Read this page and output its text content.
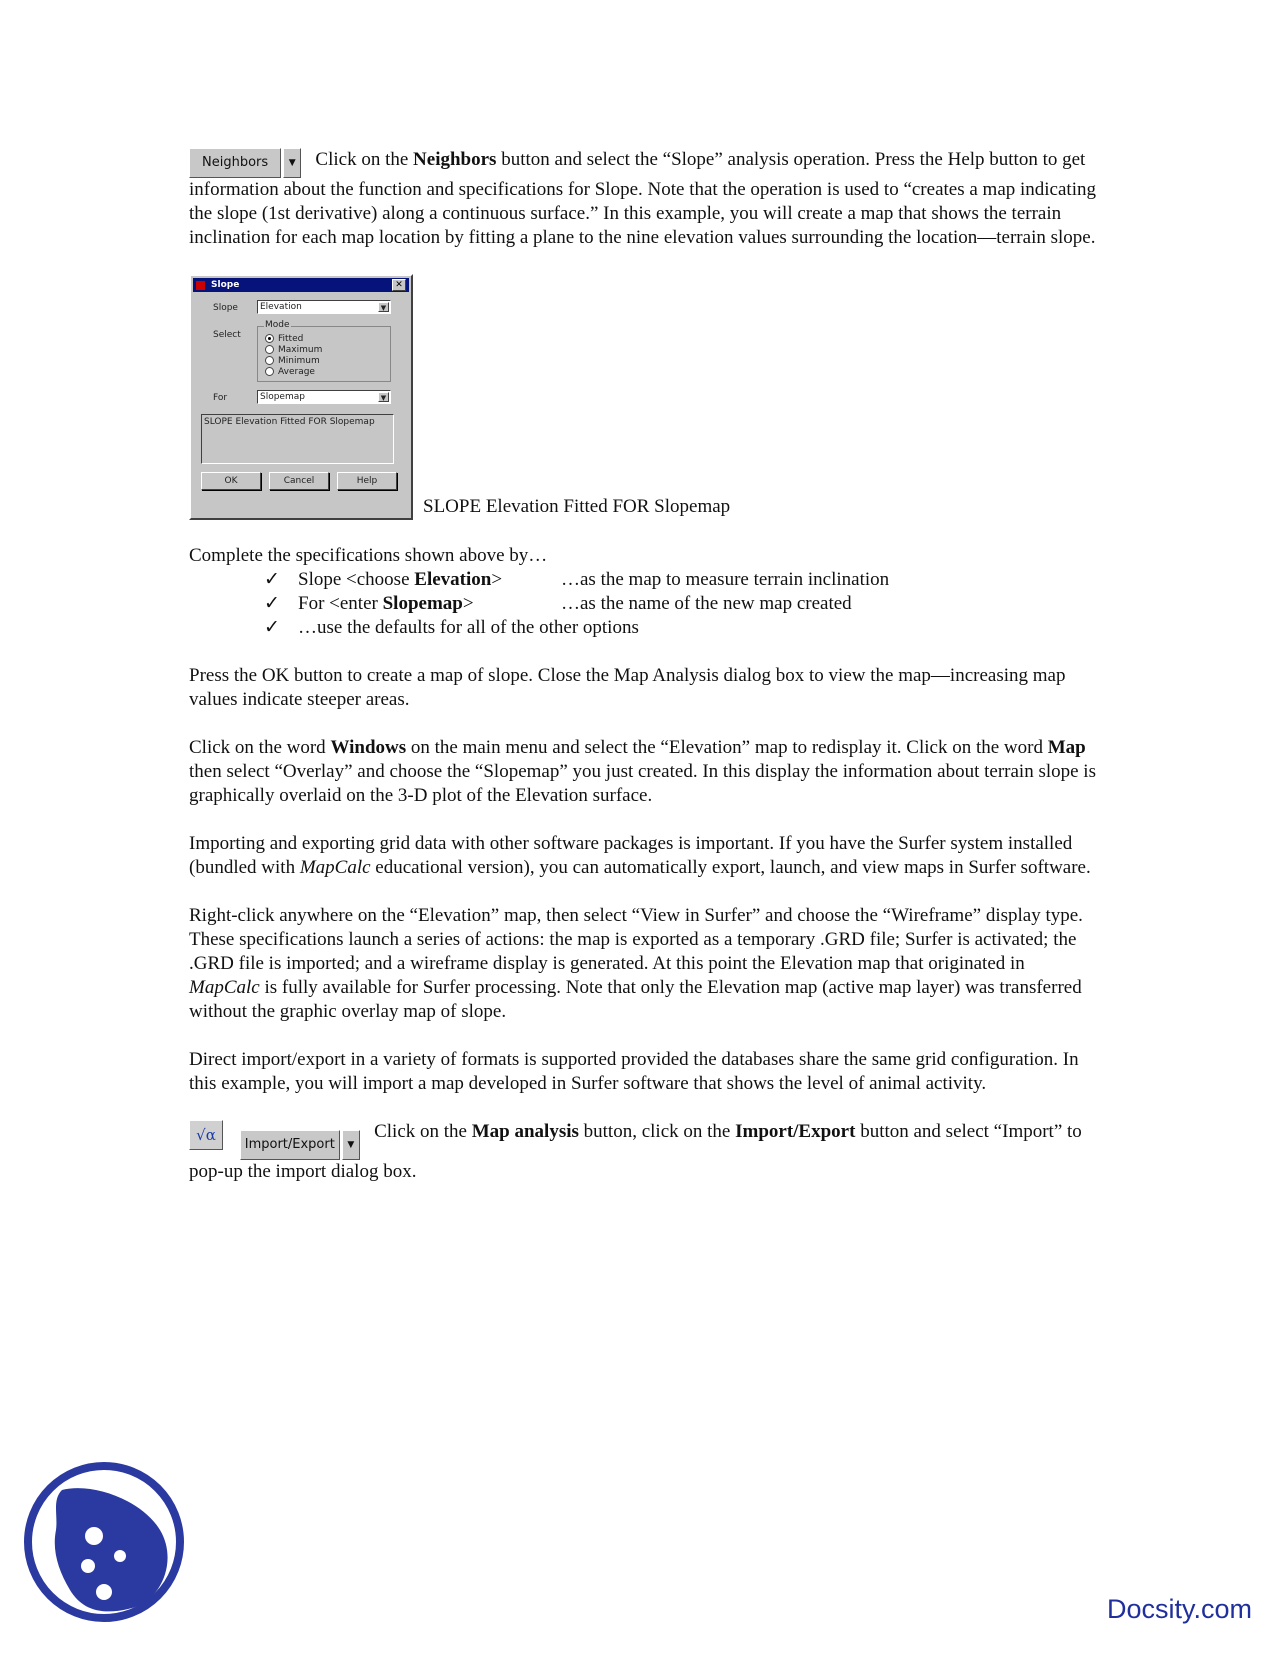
Neighbors	▼ Click on the Neighbors button and select the “Slope” analysis operation. Press the Help button to get information about the function and specifications for Slope. Note that the operation is used to “creates a map indicating the slope (1st derivative) along a continuous surface.” In this example, you will create a map that shows the terrain inclination for each map location by fitting a plane to the nine elevation values surrounding the location—terrain slope.

Slope	✕
Slope	Elevation	▼
Select
Mode
Fitted
Maximum
Minimum
Average
For	Slopemap	▼
SLOPE Elevation Fitted FOR Slopemap
OK	Cancel	Help
SLOPE Elevation Fitted FOR Slopemap

Complete the specifications shown above by…

✓ Slope <choose Elevation>	…as the map to measure terrain inclination
✓ For <enter Slopemap>	…as the name of the new map created
✓ …use the defaults for all of the other options

Press the OK button to create a map of slope. Close the Map Analysis dialog box to view the map—increasing map values indicate steeper areas.

Click on the word Windows on the main menu and select the “Elevation” map to redisplay it. Click on the word Map then select “Overlay” and choose the “Slopemap” you just created. In this display the information about terrain slope is graphically overlaid on the 3-D plot of the Elevation surface.

Importing and exporting grid data with other software packages is important. If you have the Surfer system installed (bundled with MapCalc educational version), you can automatically export, launch, and view maps in Surfer software.

Right-click anywhere on the “Elevation” map, then select “View in Surfer” and choose the “Wireframe” display type. These specifications launch a series of actions: the map is exported as a temporary .GRD file; Surfer is activated; the .GRD file is imported; and a wireframe display is generated. At this point the Elevation map that originated in MapCalc is fully available for Surfer processing. Note that only the Elevation map (active map layer) was transferred without the graphic overlay map of slope.

Direct import/export in a variety of formats is supported provided the databases share the same grid configuration. In this example, you will import a map developed in Surfer software that shows the level of animal activity.

√α
Import/Export	▼
Click on the Map analysis button, click on the Import/Export button and select “Import” to pop-up the import dialog box.

Docsity.com
